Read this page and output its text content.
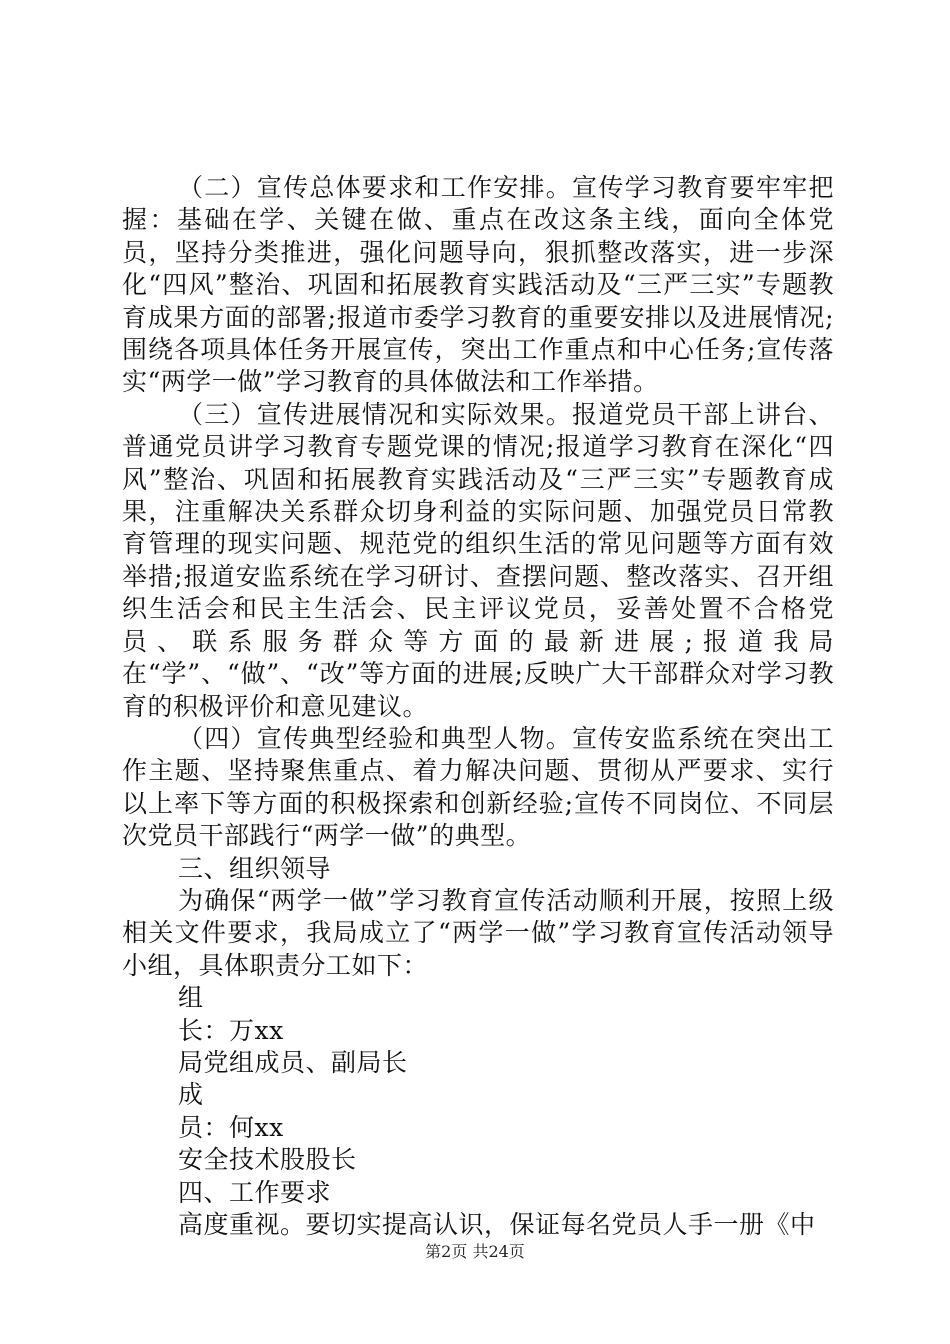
（二）宣传总体要求和工作安排。宣传学习教育要牢牢把握：基础在学、关键在做、重点在改这条主线，面向全体党员，坚持分类推进，强化问题导向，狠抓整改落实，进一步深化“四风”整治、巩固和拓展教育实践活动及“三严三实”专题教育成果方面的部署;报道市委学习教育的重要安排以及进展情况;围绕各项具体任务开展宣传，突出工作重点和中心任务;宣传落实“两学一做”学习教育的具体做法和工作举措。

（三）宣传进展情况和实际效果。报道党员干部上讲台、普通党员讲学习教育专题党课的情况;报道学习教育在深化“四风”整治、巩固和拓展教育实践活动及“三严三实”专题教育成果，注重解决关系群众切身利益的实际问题、加强党员日常教育管理的现实问题、规范党的组织生活的常见问题等方面有效举措;报道安监系统在学习研讨、查摆问题、整改落实、召开组织生活会和民主生活会、民主评议党员，妥善处置不合格党员、联系服务群众等方面的最新进展;报道我局在“学”、“做”、“改”等方面的进展;反映广大干部群众对学习教育的积极评价和意见建议。

（四）宣传典型经验和典型人物。宣传安监系统在突出工作主题、坚持聚焦重点、着力解决问题、贯彻从严要求、实行以上率下等方面的积极探索和创新经验;宣传不同岗位、不同层次党员干部践行“两学一做”的典型。

三、组织领导

为确保“两学一做”学习教育宣传活动顺利开展，按照上级相关文件要求，我局成立了“两学一做”学习教育宣传活动领导小组，具体职责分工如下：

组

长：万xx

局党组成员、副局长

成

员：何xx

安全技术股股长

四、工作要求

高度重视。要切实提高认识，保证每名党员人手一册《中

第2页 共24页
